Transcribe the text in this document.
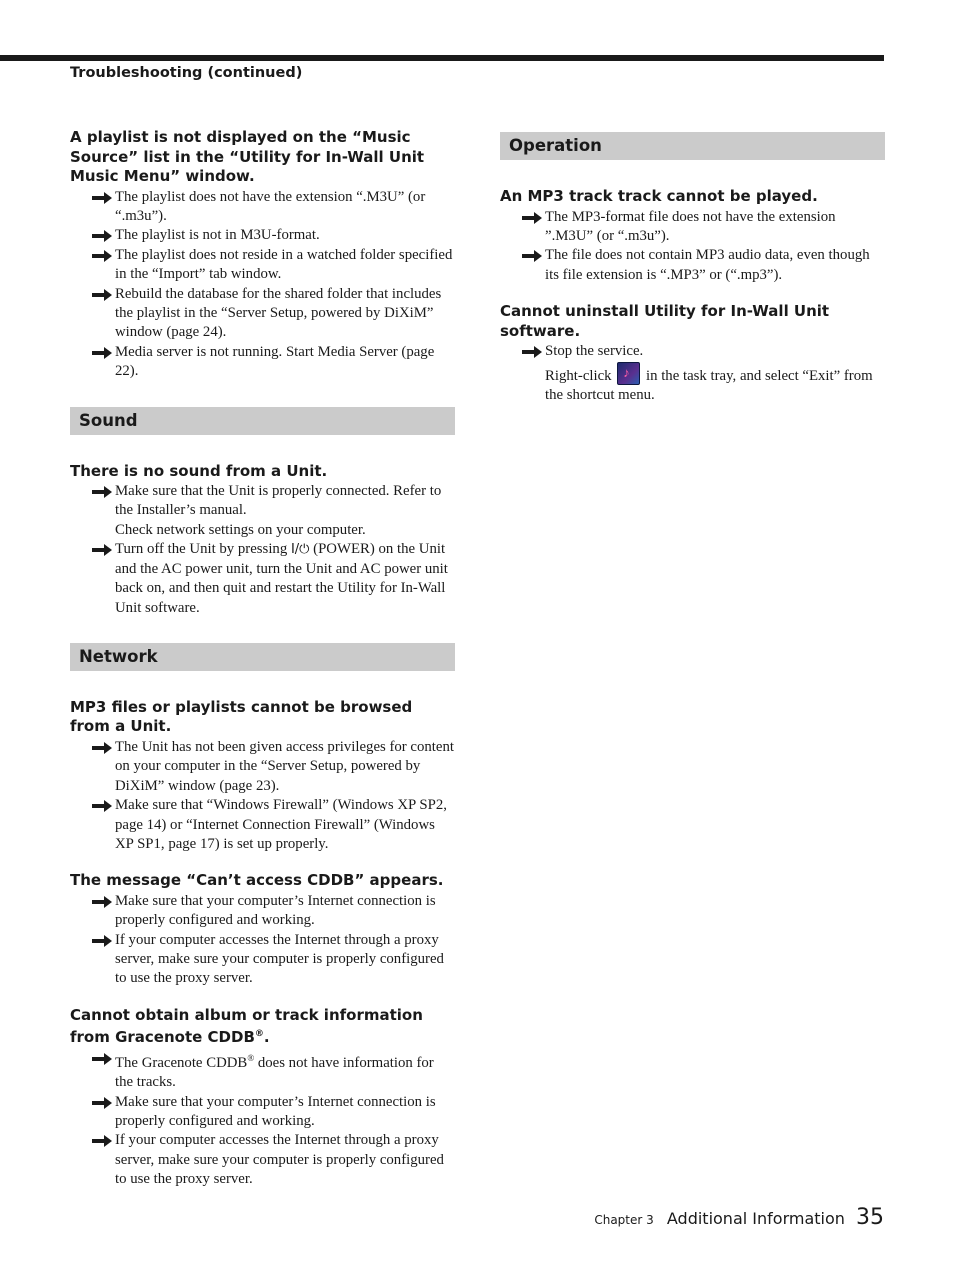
Troubleshooting (continued)
A playlist is not displayed on the “Music Source” list in the “Utility for In-Wall Unit Music Menu” window.
The playlist does not have the extension “.M3U” (or “.m3u”).
The playlist is not in M3U-format.
The playlist does not reside in a watched folder specified in the “Import” tab window.
Rebuild the database for the shared folder that includes the playlist in the “Server Setup, powered by DiXiM” window (page 24).
Media server is not running. Start Media Server (page 22).
Sound
There is no sound from a Unit.
Make sure that the Unit is properly connected. Refer to the Installer’s manual.
Check network settings on your computer.
Turn off the Unit by pressing I/⏻ (POWER) on the Unit and the AC power unit, turn the Unit and AC power unit back on, and then quit and restart the Utility for In-Wall Unit software.
Network
MP3 files or playlists cannot be browsed from a Unit.
The Unit has not been given access privileges for content on your computer in the “Server Setup, powered by DiXiM” window (page 23).
Make sure that “Windows Firewall” (Windows XP SP2, page 14) or “Internet Connection Firewall” (Windows XP SP1, page 17) is set up properly.
The message “Can’t access CDDB” appears.
Make sure that your computer’s Internet connection is properly configured and working.
If your computer accesses the Internet through a proxy server, make sure your computer is properly configured to use the proxy server.
Cannot obtain album or track information from Gracenote CDDB®.
The Gracenote CDDB® does not have information for the tracks.
Make sure that your computer’s Internet connection is properly configured and working.
If your computer accesses the Internet through a proxy server, make sure your computer is properly configured to use the proxy server.
Operation
An MP3 track track cannot be played.
The MP3-format file does not have the extension ”.M3U” (or “.m3u”).
The file does not contain MP3 audio data, even though its file extension is “.MP3” or (“.mp3”).
Cannot uninstall Utility for In-Wall Unit software.
Stop the service.
Right-click ♪ in the task tray, and select “Exit” from the shortcut menu.
Chapter 3 Additional Information 35
